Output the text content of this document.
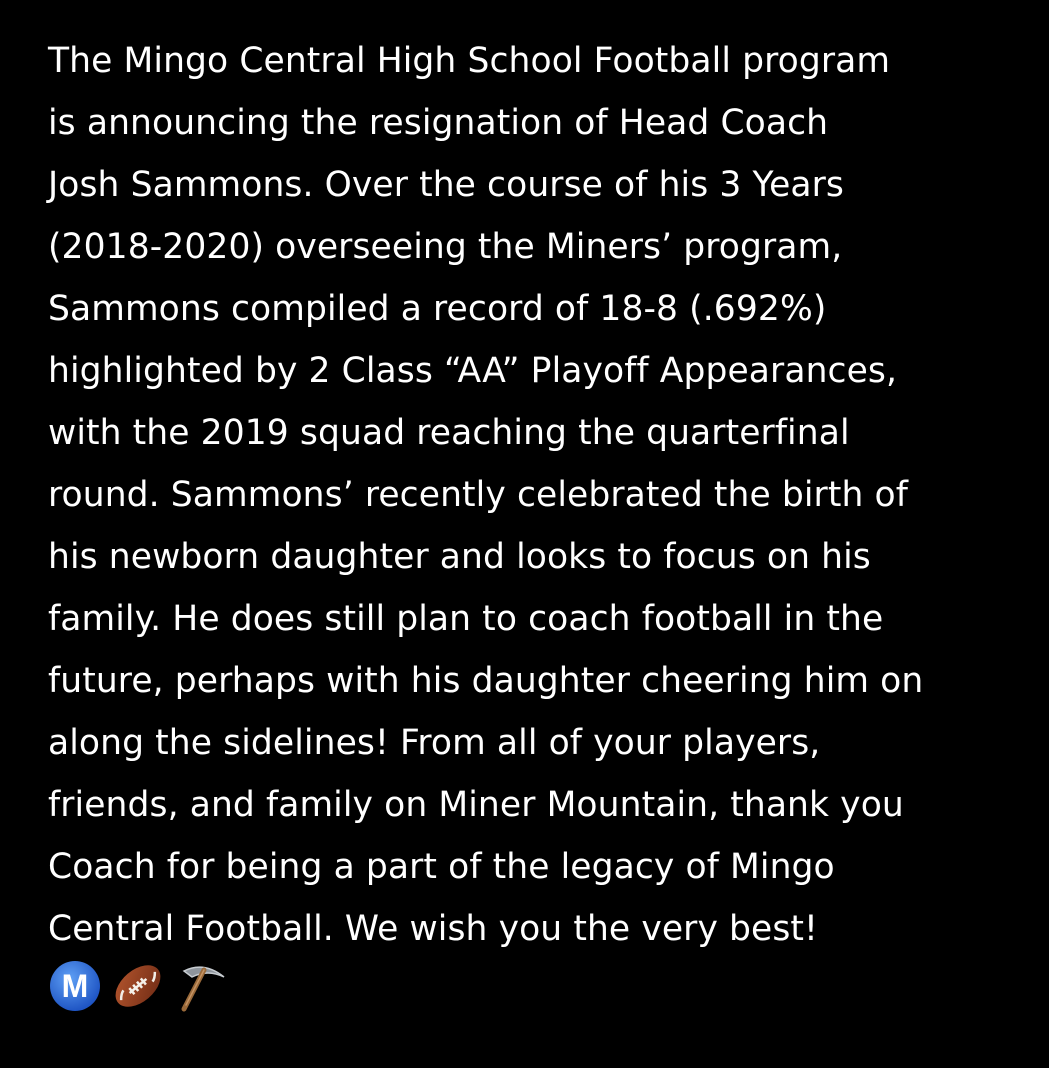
The Mingo Central High School Football program
is announcing the resignation of Head Coach
Josh Sammons. Over the course of his 3 Years
(2018-2020) overseeing the Miners’ program,
Sammons compiled a record of 18-8 (.692%)
highlighted by 2 Class “AA” Playoff Appearances,
with the 2019 squad reaching the quarterfinal
round. Sammons’ recently celebrated the birth of
his newborn daughter and looks to focus on his
family. He does still plan to coach football in the
future, perhaps with his daughter cheering him on
along the sidelines! From all of your players,
friends, and family on Miner Mountain, thank you
Coach for being a part of the legacy of Mingo
Central Football. We wish you the very best!
M
